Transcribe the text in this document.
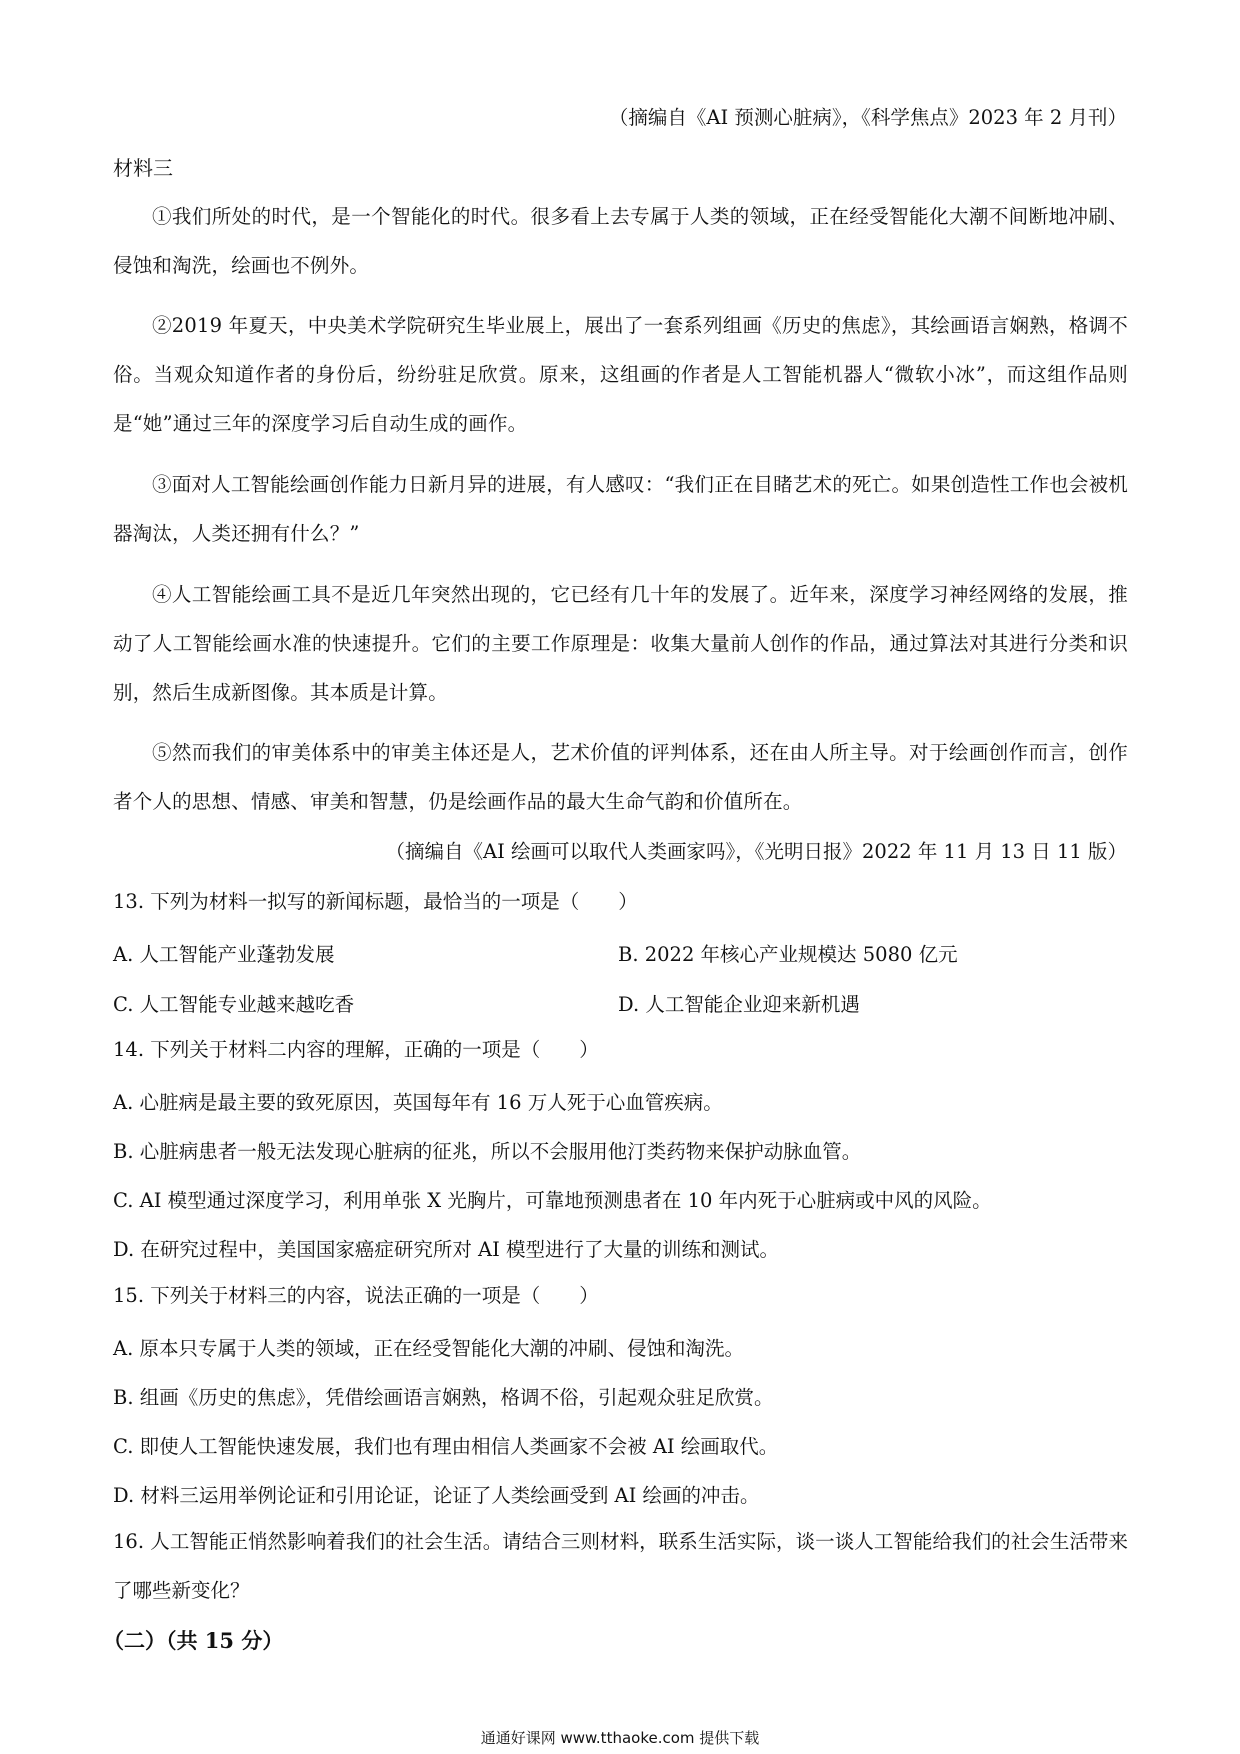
（摘编自《AI 预测心脏病》，《科学焦点》2023 年 2 月刊）
材料三
①我们所处的时代，是一个智能化的时代。很多看上去专属于人类的领域，正在经受智能化大潮不间断地冲刷、侵蚀和淘洗，绘画也不例外。
②2019 年夏天，中央美术学院研究生毕业展上，展出了一套系列组画《历史的焦虑》，其绘画语言娴熟，格调不俗。当观众知道作者的身份后，纷纷驻足欣赏。原来，这组画的作者是人工智能机器人“微软小冰”，而这组作品则是“她”通过三年的深度学习后自动生成的画作。
③面对人工智能绘画创作能力日新月异的进展，有人感叹：“我们正在目睹艺术的死亡。如果创造性工作也会被机器淘汰，人类还拥有什么？”
④人工智能绘画工具不是近几年突然出现的，它已经有几十年的发展了。近年来，深度学习神经网络的发展，推动了人工智能绘画水准的快速提升。它们的主要工作原理是：收集大量前人创作的作品，通过算法对其进行分类和识别，然后生成新图像。其本质是计算。
⑤然而我们的审美体系中的审美主体还是人，艺术价值的评判体系，还在由人所主导。对于绘画创作而言，创作者个人的思想、情感、审美和智慧，仍是绘画作品的最大生命气韵和价值所在。
（摘编自《AI 绘画可以取代人类画家吗》，《光明日报》2022 年 11 月 13 日 11 版）
13. 下列为材料一拟写的新闻标题，最恰当的一项是（　　）
A. 人工智能产业蓬勃发展	B. 2022 年核心产业规模达 5080 亿元
C. 人工智能专业越来越吃香	D. 人工智能企业迎来新机遇
14. 下列关于材料二内容的理解，正确的一项是（　　）
A. 心脏病是最主要的致死原因，英国每年有 16 万人死于心血管疾病。
B. 心脏病患者一般无法发现心脏病的征兆，所以不会服用他汀类药物来保护动脉血管。
C. AI 模型通过深度学习，利用单张 X 光胸片，可靠地预测患者在 10 年内死于心脏病或中风的风险。
D. 在研究过程中，美国国家癌症研究所对 AI 模型进行了大量的训练和测试。
15. 下列关于材料三的内容，说法正确的一项是（　　）
A. 原本只专属于人类的领域，正在经受智能化大潮的冲刷、侵蚀和淘洗。
B. 组画《历史的焦虑》，凭借绘画语言娴熟，格调不俗，引起观众驻足欣赏。
C. 即使人工智能快速发展，我们也有理由相信人类画家不会被 AI 绘画取代。
D. 材料三运用举例论证和引用论证，论证了人类绘画受到 AI 绘画的冲击。
16. 人工智能正悄然影响着我们的社会生活。请结合三则材料，联系生活实际，谈一谈人工智能给我们的社会生活带来了哪些新变化？
（二）（共 15 分）
通通好课网 www.tthaoke.com 提供下载
